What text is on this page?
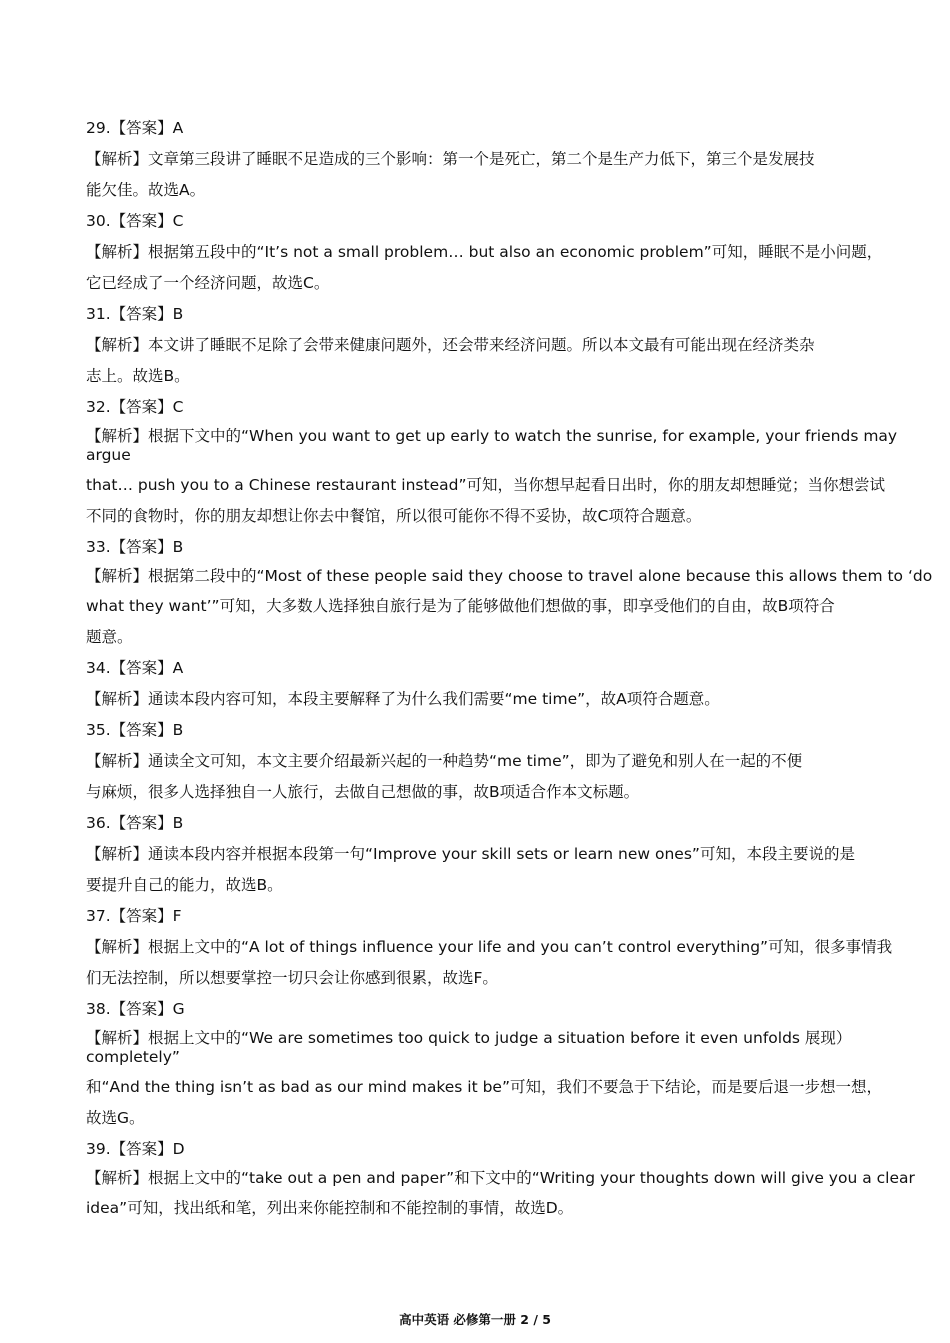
29.【答案】A

【解析】文章第三段讲了睡眠不足造成的三个影响：第一个是死亡，第二个是生产力低下，第三个是发展技

能欠佳。故选A。

30.【答案】C

【解析】根据第五段中的“It’s not a small problem… but also an economic problem”可知，睡眠不是小问题，

它已经成了一个经济问题，故选C。

31.【答案】B

【解析】本文讲了睡眠不足除了会带来健康问题外，还会带来经济问题。所以本文最有可能出现在经济类杂

志上。故选B。

32.【答案】C

【解析】根据下文中的“When you want to get up early to watch the sunrise, for example, your friends may argue

that… push you to a Chinese restaurant instead”可知，当你想早起看日出时，你的朋友却想睡觉；当你想尝试

不同的食物时，你的朋友却想让你去中餐馆，所以很可能你不得不妥协，故C项符合题意。

33.【答案】B

【解析】根据第二段中的“Most of these people said they choose to travel alone because this allows them to ‘do

what they want’”可知，大多数人选择独自旅行是为了能够做他们想做的事，即享受他们的自由，故B项符合

题意。

34.【答案】A

【解析】通读本段内容可知，本段主要解释了为什么我们需要“me time”，故A项符合题意。

35.【答案】B

【解析】通读全文可知，本文主要介绍最新兴起的一种趋势“me time”，即为了避免和别人在一起的不便

与麻烦，很多人选择独自一人旅行，去做自己想做的事，故B项适合作本文标题。

36.【答案】B

【解析】通读本段内容并根据本段第一句“Improve your skill sets or learn new ones”可知，本段主要说的是

要提升自己的能力，故选B。

37.【答案】F

【解析】根据上文中的“A lot of things influence your life and you can’t control everything”可知，很多事情我

们无法控制，所以想要掌控一切只会让你感到很累，故选F。

38.【答案】G

【解析】根据上文中的“We are sometimes too quick to judge a situation before it even unfolds 展现）completely”

和“And the thing isn’t as bad as our mind makes it be”可知，我们不要急于下结论，而是要后退一步想一想，

故选G。

39.【答案】D

【解析】根据上文中的“take out a pen and paper”和下文中的“Writing your thoughts down will give you a clear

idea”可知，找出纸和笔，列出来你能控制和不能控制的事情，故选D。

高中英语 必修第一册 2 / 5
